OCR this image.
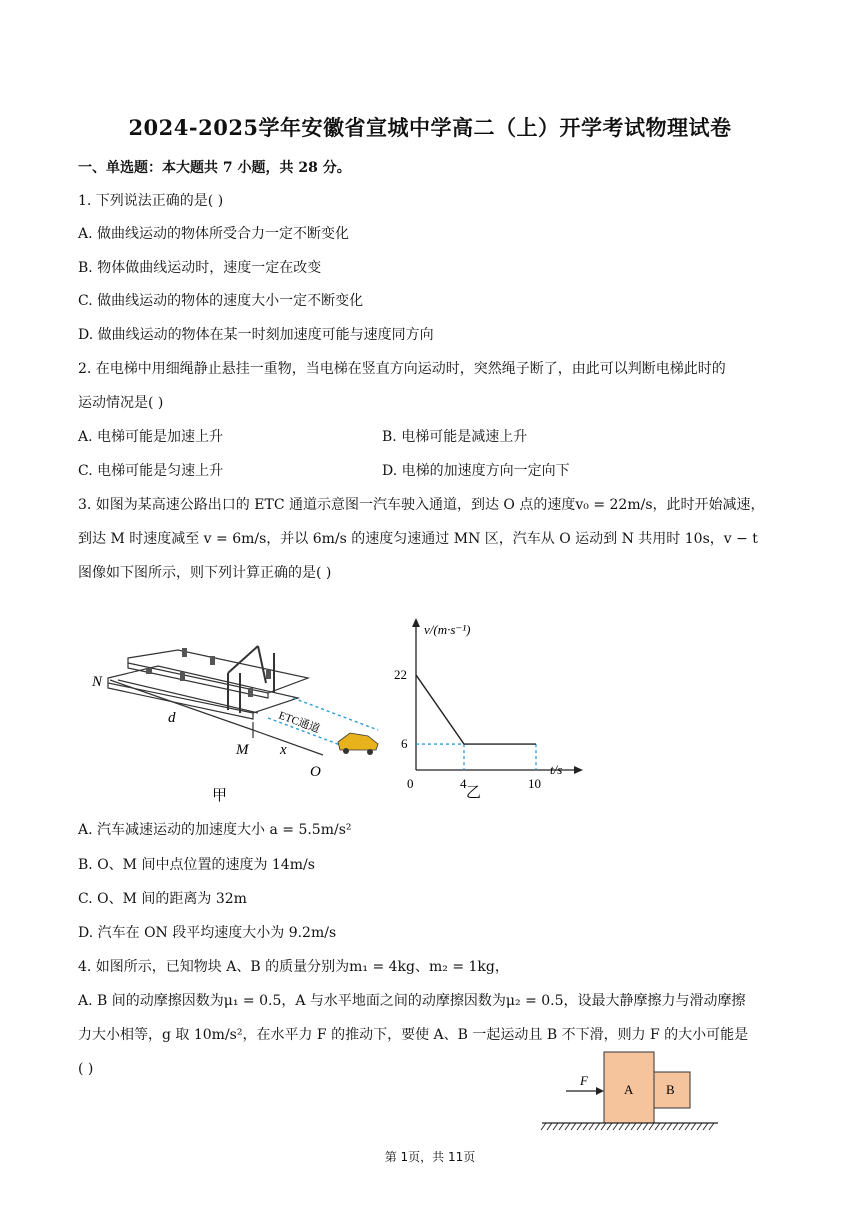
2024-2025学年安徽省宣城中学高二（上）开学考试物理试卷
一、单选题：本大题共 7 小题，共 28 分。
1. 下列说法正确的是( )
A. 做曲线运动的物体所受合力一定不断变化
B. 物体做曲线运动时，速度一定在改变
C. 做曲线运动的物体的速度大小一定不断变化
D. 做曲线运动的物体在某一时刻加速度可能与速度同方向
2. 在电梯中用细绳静止悬挂一重物，当电梯在竖直方向运动时，突然绳子断了，由此可以判断电梯此时的
运动情况是( )
A. 电梯可能是加速上升	B. 电梯可能是减速上升
C. 电梯可能是匀速上升	D. 电梯的加速度方向一定向下
3. 如图为某高速公路出口的 ETC 通道示意图一汽车驶入通道，到达 O 点的速度v₀ = 22m/s，此时开始减速，
到达 M 时速度减至 v = 6m/s，并以 6m/s 的速度匀速通过 MN 区，汽车从 O 运动到 N 共用时 10s，v − t
图像如下图所示，则下列计算正确的是( )
N
d
M x
O
ETC通道
甲
v/(m·s⁻¹)
t/s
22
6
0	4	10
乙
A. 汽车减速运动的加速度大小 a = 5.5m/s²
B. O、M 间中点位置的速度为 14m/s
C. O、M 间的距离为 32m
D. 汽车在 ON 段平均速度大小为 9.2m/s
4. 如图所示，已知物块 A、B 的质量分别为m₁ = 4kg、m₂ = 1kg，
A. B 间的动摩擦因数为μ₁ = 0.5，A 与水平地面之间的动摩擦因数为μ₂ = 0.5，设最大静摩擦力与滑动摩擦
力大小相等，g 取 10m/s²，在水平力 F 的推动下，要使 A、B 一起运动且 B 不下滑，则力 F 的大小可能是
( )
F
A	B
第 1页，共 11页
